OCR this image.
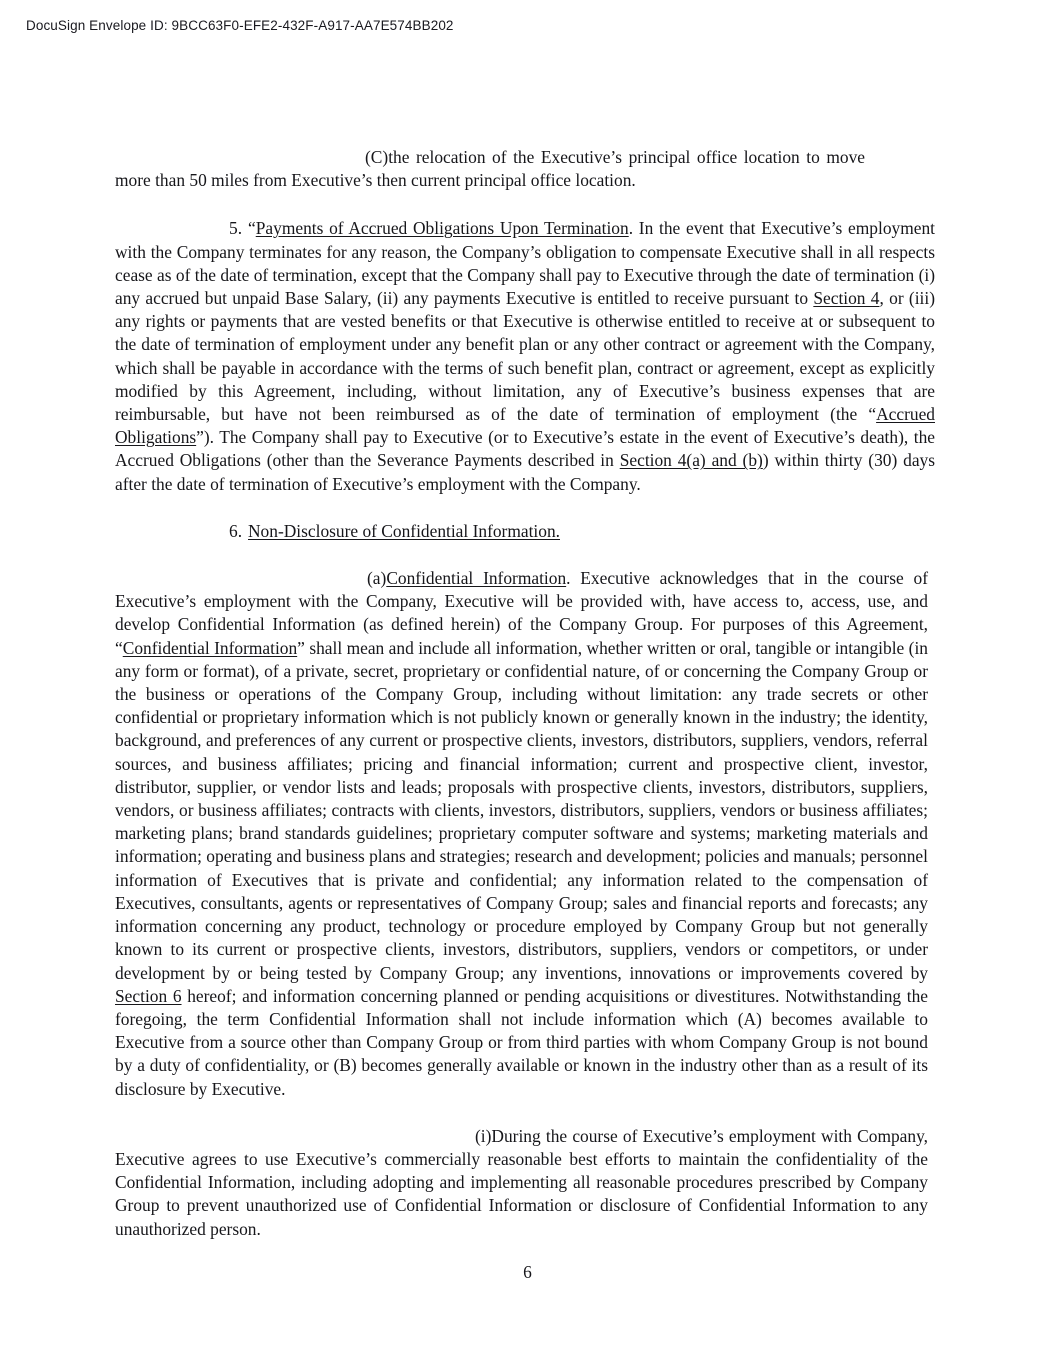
DocuSign Envelope ID: 9BCC63F0-EFE2-432F-A917-AA7E574BB202

(C)the relocation of the Executive’s principal office location to move more than 50 miles from Executive’s then current principal office location.

5. “Payments of Accrued Obligations Upon Termination. In the event that Executive’s employment with the Company terminates for any reason, the Company’s obligation to compensate Executive shall in all respects cease as of the date of termination, except that the Company shall pay to Executive through the date of termination (i) any accrued but unpaid Base Salary, (ii) any payments Executive is entitled to receive pursuant to Section 4, or (iii) any rights or payments that are vested benefits or that Executive is otherwise entitled to receive at or subsequent to the date of termination of employment under any benefit plan or any other contract or agreement with the Company, which shall be payable in accordance with the terms of such benefit plan, contract or agreement, except as explicitly modified by this Agreement, including, without limitation, any of Executive’s business expenses that are reimbursable, but have not been reimbursed as of the date of termination of employment (the “Accrued Obligations”). The Company shall pay to Executive (or to Executive’s estate in the event of Executive’s death), the Accrued Obligations (other than the Severance Payments described in Section 4(a) and (b)) within thirty (30) days after the date of termination of Executive’s employment with the Company.

6. Non-Disclosure of Confidential Information.

(a)Confidential Information. Executive acknowledges that in the course of Executive’s employment with the Company, Executive will be provided with, have access to, access, use, and develop Confidential Information (as defined herein) of the Company Group. For purposes of this Agreement, “Confidential Information” shall mean and include all information, whether written or oral, tangible or intangible (in any form or format), of a private, secret, proprietary or confidential nature, of or concerning the Company Group or the business or operations of the Company Group, including without limitation: any trade secrets or other confidential or proprietary information which is not publicly known or generally known in the industry; the identity, background, and preferences of any current or prospective clients, investors, distributors, suppliers, vendors, referral sources, and business affiliates; pricing and financial information; current and prospective client, investor, distributor, supplier, or vendor lists and leads; proposals with prospective clients, investors, distributors, suppliers, vendors, or business affiliates; contracts with clients, investors, distributors, suppliers, vendors or business affiliates; marketing plans; brand standards guidelines; proprietary computer software and systems; marketing materials and information; operating and business plans and strategies; research and development; policies and manuals; personnel information of Executives that is private and confidential; any information related to the compensation of Executives, consultants, agents or representatives of Company Group; sales and financial reports and forecasts; any information concerning any product, technology or procedure employed by Company Group but not generally known to its current or prospective clients, investors, distributors, suppliers, vendors or competitors, or under development by or being tested by Company Group; any inventions, innovations or improvements covered by Section 6 hereof; and information concerning planned or pending acquisitions or divestitures. Notwithstanding the foregoing, the term Confidential Information shall not include information which (A) becomes available to Executive from a source other than Company Group or from third parties with whom Company Group is not bound by a duty of confidentiality, or (B) becomes generally available or known in the industry other than as a result of its disclosure by Executive.

(i)During the course of Executive’s employment with Company, Executive agrees to use Executive’s commercially reasonable best efforts to maintain the confidentiality of the Confidential Information, including adopting and implementing all reasonable procedures prescribed by Company Group to prevent unauthorized use of Confidential Information or disclosure of Confidential Information to any unauthorized person.

6
